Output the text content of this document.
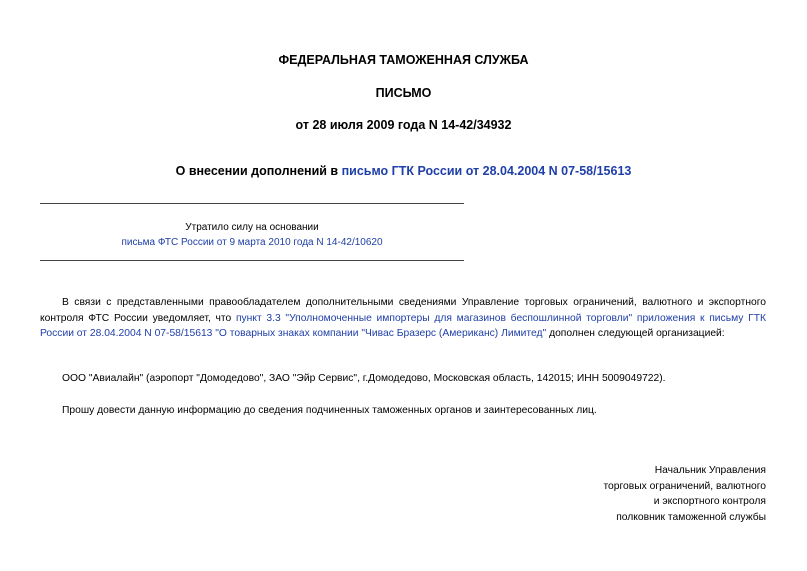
ФЕДЕРАЛЬНАЯ ТАМОЖЕННАЯ СЛУЖБА
ПИСЬМО
от 28 июля 2009 года N 14-42/34932
О внесении дополнений в письмо ГТК России от 28.04.2004 N 07-58/15613
Утратило силу на основании
письма ФТС России от 9 марта 2010 года N 14-42/10620
В связи с представленными правообладателем дополнительными сведениями Управление торговых ограничений, валютного и экспортного контроля ФТС России уведомляет, что пункт 3.3 "Уполномоченные импортеры для магазинов беспошлинной торговли" приложения к письму ГТК России от 28.04.2004 N 07-58/15613 "О товарных знаках компании "Чивас Бразерс (Американс) Лимитед" дополнен следующей организацией:
ООО "Авиалайн" (аэропорт "Домодедово", ЗАО "Эйр Сервис", г.Домодедово, Московская область, 142015; ИНН 5009049722).
Прошу довести данную информацию до сведения подчиненных таможенных органов и заинтересованных лиц.
Начальник Управления
торговых ограничений, валютного
и экспортного контроля
полковник таможенной службы
